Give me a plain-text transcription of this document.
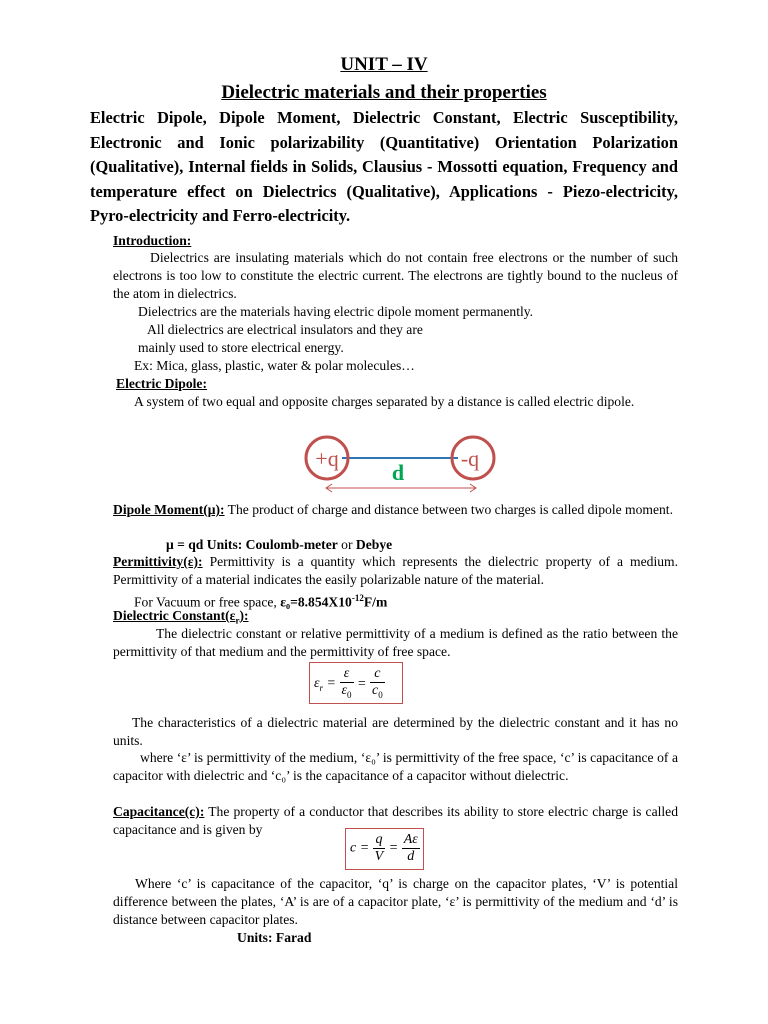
UNIT – IV
Dielectric materials and their properties
Electric Dipole, Dipole Moment, Dielectric Constant, Electric Susceptibility, Electronic and Ionic polarizability (Quantitative) Orientation Polarization (Qualitative), Internal fields in Solids, Clausius - Mossotti equation, Frequency and temperature effect on Dielectrics (Qualitative), Applications - Piezo-electricity, Pyro-electricity and Ferro-electricity.
Introduction:
Dielectrics are insulating materials which do not contain free electrons or the number of such electrons is too low to constitute the electric current. The electrons are tightly bound to the nucleus of the atom in dielectrics.
Dielectrics are the materials having electric dipole moment permanently.
All dielectrics are electrical insulators and they are
mainly used to store electrical energy.
Ex: Mica, glass, plastic, water & polar molecules…
Electric Dipole:
A system of two equal and opposite charges separated by a distance is called electric dipole.
+q	-q
d
Dipole Moment(μ): The product of charge and distance between two charges is called dipole moment.
μ = qd Units: Coulomb-meter or Debye
Permittivity(ε): Permittivity is a quantity which represents the dielectric property of a medium. Permittivity of a material indicates the easily polarizable nature of the material.
For Vacuum or free space, $\varepsilon_0=8.854X10^{-12}F/m$
Dielectric $Constant(\varepsilon_r)$:
The dielectric constant or relative permittivity of a medium is defined as the ratio between the permittivity of that medium and the permittivity of free space.
$\varepsilon_r = \frac{\varepsilon}{\varepsilon_0} = \frac{c}{c_0}$
The characteristics of a dielectric material are determined by the dielectric constant and it has no units.
where ‘ε’ is permittivity of the medium, ‘ε₀’ is permittivity of the free space, ‘c’ is capacitance of a capacitor with dielectric and ‘c₀’ is the capacitance of a capacitor without dielectric.
Capacitance(c): The property of a conductor that describes its ability to store electric charge is called capacitance and is given by
$c = \frac{q}{V} = \frac{A\varepsilon}{d}$
Where ‘c’ is capacitance of the capacitor, ‘q’ is charge on the capacitor plates, ‘V’ is potential difference between the plates, ‘A’ is are of a capacitor plate, ‘ε’ is permittivity of the medium and ‘d’ is distance between capacitor plates.
Units: Farad
